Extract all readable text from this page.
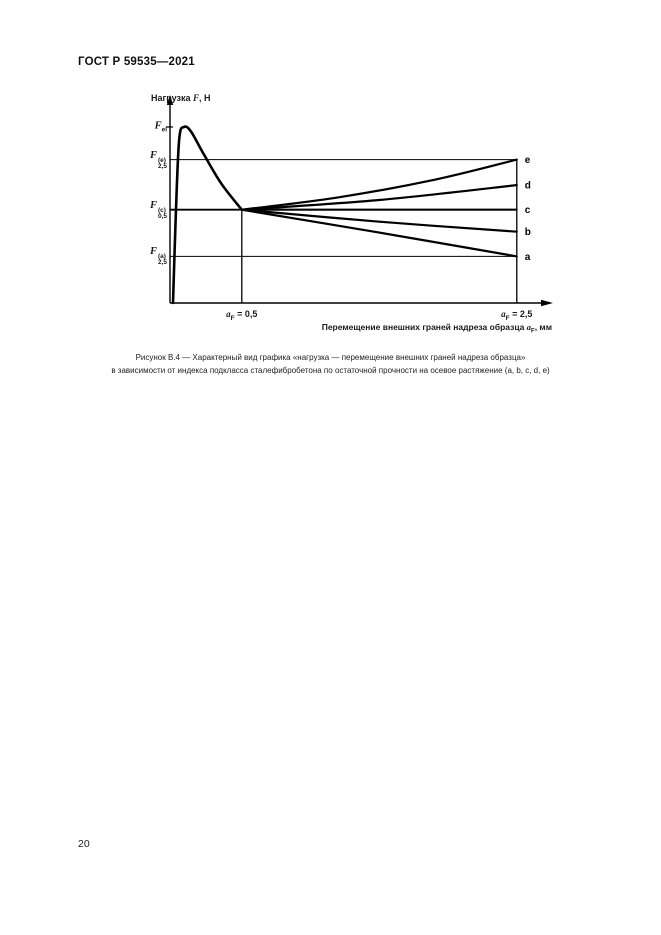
ГОСТ Р 59535—2021
e
d
c
b
a
Нагрузка F, Н
Перемещение внешних граней надреза образца $a_F$, мм
$F_{el}$
F (e)
2,5
F (c)
0,5
F (a)
2,5
$a_F = 0,5$	$a_F = 2,5$
Рисунок В.4 — Характерный вид графика «нагрузка — перемещение внешних граней надреза образца»
в зависимости от индекса подкласса сталефибробетона по остаточной прочности на осевое растяжение (a, b, c, d, e)
20
